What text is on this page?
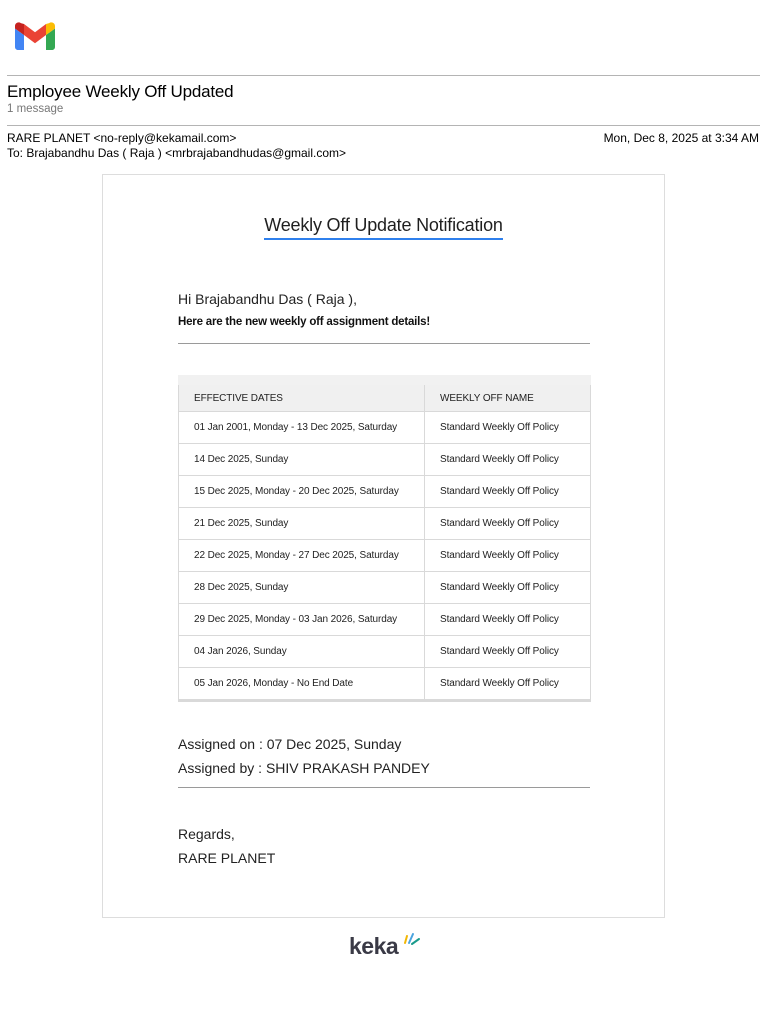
Employee Weekly Off Updated
1 message
RARE PLANET <no-reply@kekamail.com>
To: Brajabandhu Das ( Raja ) <mrbrajabandhudas@gmail.com>
Mon, Dec 8, 2025 at 3:34 AM
Weekly Off Update Notification
Hi Brajabandhu Das ( Raja ),
Here are the new weekly off assignment details!
EFFECTIVE DATES	WEEKLY OFF NAME
01 Jan 2001, Monday - 13 Dec 2025, Saturday	Standard Weekly Off Policy
14 Dec 2025, Sunday	Standard Weekly Off Policy
15 Dec 2025, Monday - 20 Dec 2025, Saturday	Standard Weekly Off Policy
21 Dec 2025, Sunday	Standard Weekly Off Policy
22 Dec 2025, Monday - 27 Dec 2025, Saturday	Standard Weekly Off Policy
28 Dec 2025, Sunday	Standard Weekly Off Policy
29 Dec 2025, Monday - 03 Jan 2026, Saturday	Standard Weekly Off Policy
04 Jan 2026, Sunday	Standard Weekly Off Policy
05 Jan 2026, Monday - No End Date	Standard Weekly Off Policy
Assigned on : 07 Dec 2025, Sunday
Assigned by : SHIV PRAKASH PANDEY
Regards,
RARE PLANET
keka
